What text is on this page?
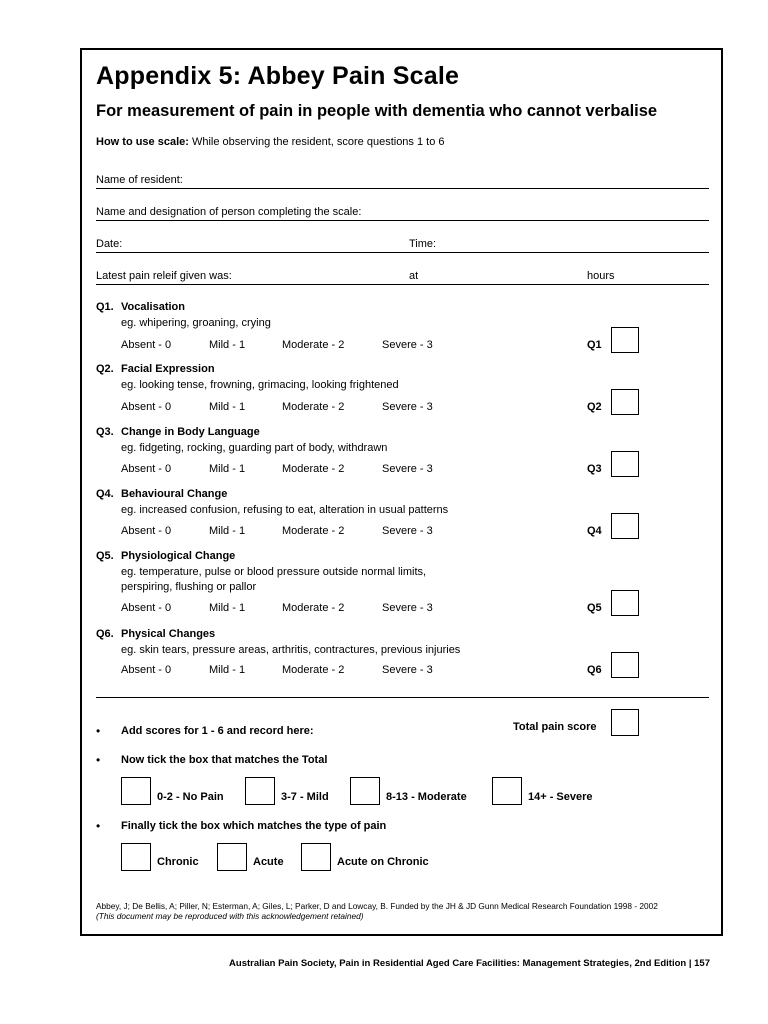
Appendix 5: Abbey Pain Scale
For measurement of pain in people with dementia who cannot verbalise
How to use scale: While observing the resident, score questions 1 to 6
Name of resident:
Name and designation of person completing the scale:
Date:	Time:
Latest pain releif given was:	at	hours
Q1. Vocalisation
eg. whipering, groaning, crying
Absent - 0	Mild - 1	Moderate - 2	Severe - 3	Q1
Q2. Facial Expression
eg. looking tense, frowning, grimacing, looking frightened
Absent - 0	Mild - 1	Moderate - 2	Severe - 3	Q2
Q3. Change in Body Language
eg. fidgeting, rocking, guarding part of body, withdrawn
Absent - 0	Mild - 1	Moderate - 2	Severe - 3	Q3
Q4. Behavioural Change
eg. increased confusion, refusing to eat, alteration in usual patterns
Absent - 0	Mild - 1	Moderate - 2	Severe - 3	Q4
Q5. Physiological Change
eg. temperature, pulse or blood pressure outside normal limits,
perspiring, flushing or pallor
Absent - 0	Mild - 1	Moderate - 2	Severe - 3	Q5
Q6. Physical Changes
eg. skin tears, pressure areas, arthritis, contractures, previous injuries
Absent - 0	Mild - 1	Moderate - 2	Severe - 3	Q6
• Add scores for 1 - 6 and record here:	Total pain score
• Now tick the box that matches the Total
0-2 - No Pain	3-7 - Mild	8-13 - Moderate	14+ - Severe
• Finally tick the box which matches the type of pain
Chronic	Acute	Acute on Chronic
Abbey, J; De Bellis, A; Piller, N; Esterman, A; Giles, L; Parker, D and Lowcay, B. Funded by the JH & JD Gunn Medical Research Foundation 1998 - 2002
(This document may be reproduced with this acknowledgement retained)
Australian Pain Society, Pain in Residential Aged Care Facilities: Management Strategies, 2nd Edition | 157
